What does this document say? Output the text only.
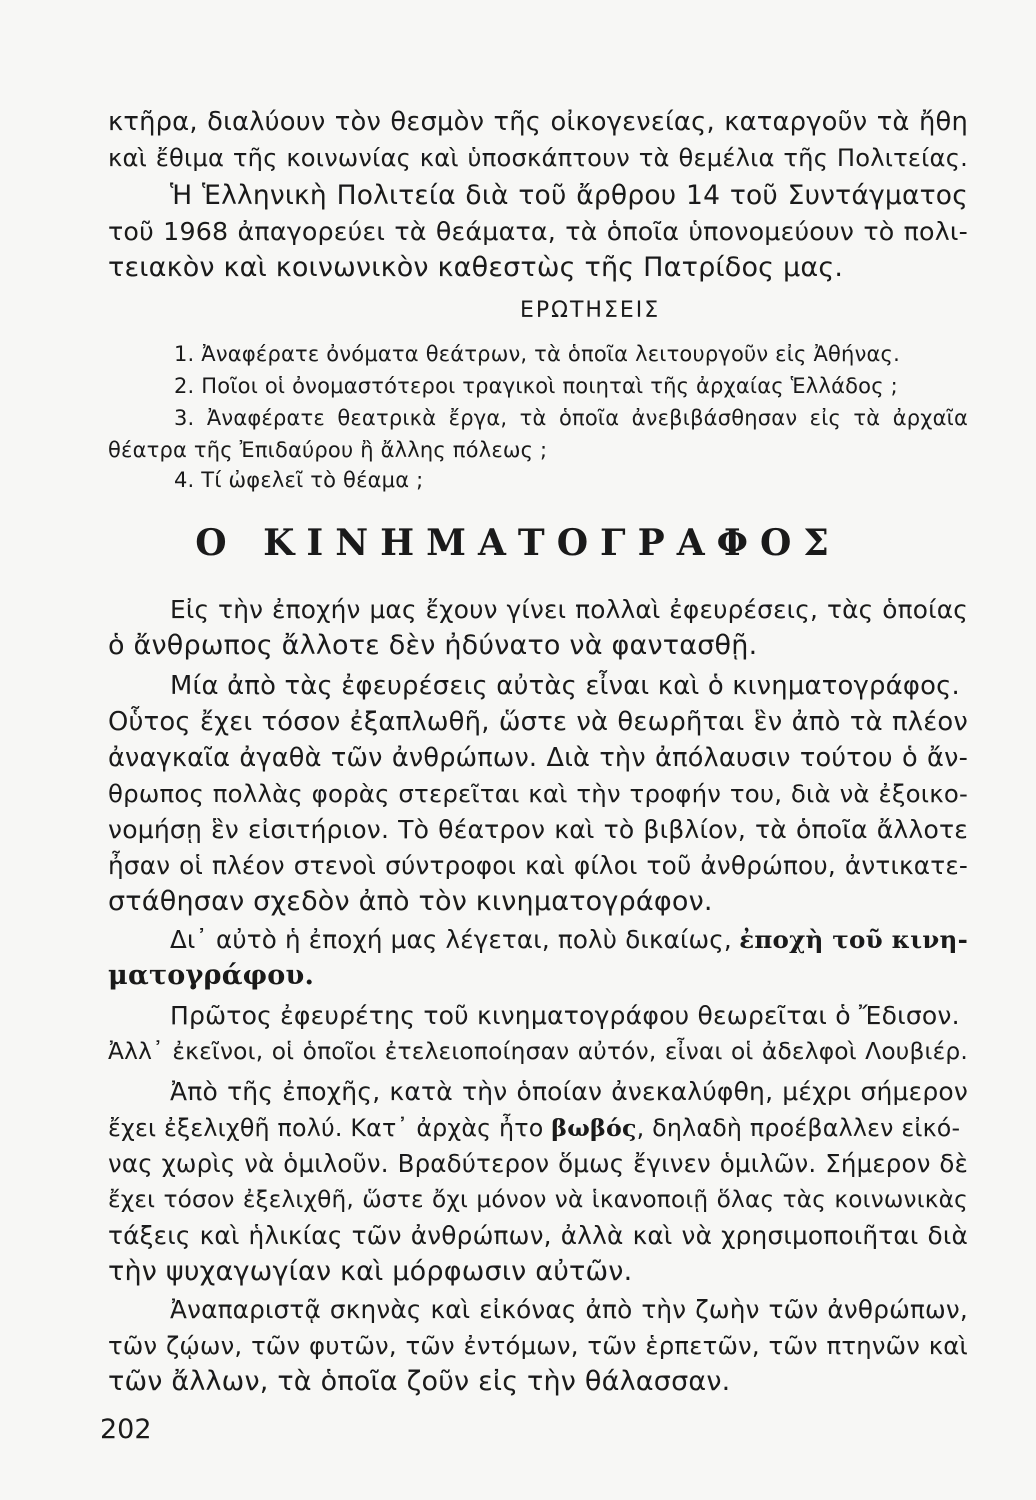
κτῆρα, διαλύουν τὸν θεσμὸν τῆς οἰκογενείας, καταργοῦν τὰ ἤθη
καὶ ἔθιμα τῆς κοινωνίας καὶ ὑποσκάπτουν τὰ θεμέλια τῆς Πολιτείας.
Ἡ Ἑλληνικὴ Πολιτεία διὰ τοῦ ἄρθρου 14 τοῦ Συντάγματος
τοῦ 1968 ἀπαγορεύει τὰ θεάματα, τὰ ὁποῖα ὑπονομεύουν τὸ πολι-
τειακὸν καὶ κοινωνικὸν καθεστὼς τῆς Πατρίδος μας.
ΕΡΩΤΗΣΕΙΣ
1. Ἀναφέρατε ὀνόματα θεάτρων, τὰ ὁποῖα λειτουργοῦν εἰς Ἀθήνας.
2. Ποῖοι οἱ ὀνομαστότεροι τραγικοὶ ποιηταὶ τῆς ἀρχαίας Ἑλλάδος ;
3. Ἀναφέρατε θεατρικὰ ἔργα, τὰ ὁποῖα ἀνεβιβάσθησαν εἰς τὰ ἀρχαῖα
θέατρα τῆς Ἐπιδαύρου ἢ ἄλλης πόλεως ;
4. Τί ὠφελεῖ τὸ θέαμα ;
Ο ΚΙΝΗΜΑΤΟΓΡΑΦΟΣ
Εἰς τὴν ἐποχήν μας ἔχουν γίνει πολλαὶ ἐφευρέσεις, τὰς ὁποίας
ὁ ἄνθρωπος ἄλλοτε δὲν ἠδύνατο νὰ φαντασθῇ.
Μία ἀπὸ τὰς ἐφευρέσεις αὐτὰς εἶναι καὶ ὁ κινηματογράφος.
Οὗτος ἔχει τόσον ἐξαπλωθῆ, ὥστε νὰ θεωρῆται ἓν ἀπὸ τὰ πλέον
ἀναγκαῖα ἀγαθὰ τῶν ἀνθρώπων. Διὰ τὴν ἀπόλαυσιν τούτου ὁ ἄν-
θρωπος πολλὰς φορὰς στερεῖται καὶ τὴν τροφήν του, διὰ νὰ ἐξοικο-
νομήσῃ ἓν εἰσιτήριον. Τὸ θέατρον καὶ τὸ βιβλίον, τὰ ὁποῖα ἄλλοτε
ἦσαν οἱ πλέον στενοὶ σύντροφοι καὶ φίλοι τοῦ ἀνθρώπου, ἀντικατε-
στάθησαν σχεδὸν ἀπὸ τὸν κινηματογράφον.
Δι᾿ αὐτὸ ἡ ἐποχή μας λέγεται, πολὺ δικαίως, ἐποχὴ τοῦ κινη-
ματογράφου.
Πρῶτος ἐφευρέτης τοῦ κινηματογράφου θεωρεῖται ὁ Ἔδισον.
Ἀλλ᾿ ἐκεῖνοι, οἱ ὁποῖοι ἐτελειοποίησαν αὐτόν, εἶναι οἱ ἀδελφοὶ Λουβιέρ.
Ἀπὸ τῆς ἐποχῆς, κατὰ τὴν ὁποίαν ἀνεκαλύφθη, μέχρι σήμερον
ἔχει ἐξελιχθῆ πολύ. Κατ᾿ ἀρχὰς ἦτο βωβός, δηλαδὴ προέβαλλεν εἰκό-
νας χωρὶς νὰ ὁμιλοῦν. Βραδύτερον ὅμως ἔγινεν ὁμιλῶν. Σήμερον δὲ
ἔχει τόσον ἐξελιχθῆ, ὥστε ὄχι μόνον νὰ ἱκανοποιῇ ὅλας τὰς κοινωνικὰς
τάξεις καὶ ἡλικίας τῶν ἀνθρώπων, ἀλλὰ καὶ νὰ χρησιμοποιῆται διὰ
τὴν ψυχαγωγίαν καὶ μόρφωσιν αὐτῶν.
Ἀναπαριστᾷ σκηνὰς καὶ εἰκόνας ἀπὸ τὴν ζωὴν τῶν ἀνθρώπων,
τῶν ζῴων, τῶν φυτῶν, τῶν ἐντόμων, τῶν ἑρπετῶν, τῶν πτηνῶν καὶ
τῶν ἄλλων, τὰ ὁποῖα ζοῦν εἰς τὴν θάλασσαν.
202
